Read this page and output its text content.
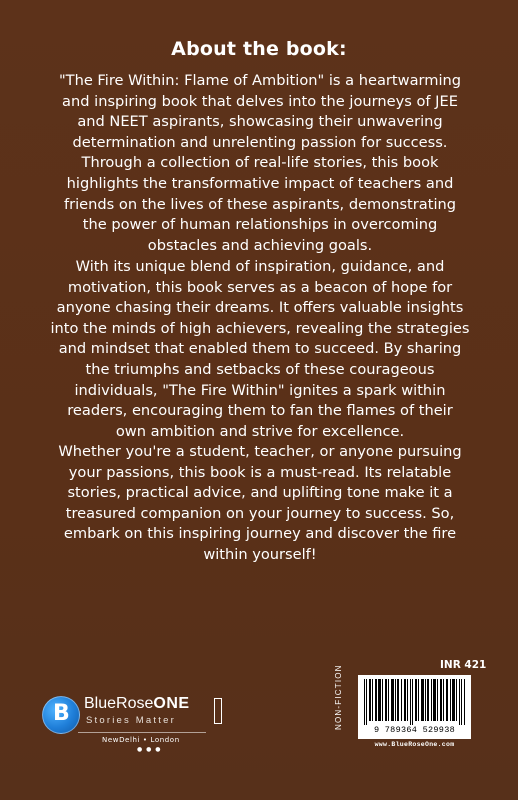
About the book:

"The Fire Within: Flame of Ambition" is a heartwarming and inspiring book that delves into the journeys of JEE and NEET aspirants, showcasing their unwavering determination and unrelenting passion for success. Through a collection of real-life stories, this book highlights the transformative impact of teachers and friends on the lives of these aspirants, demonstrating the power of human relationships in overcoming obstacles and achieving goals.

With its unique blend of inspiration, guidance, and motivation, this book serves as a beacon of hope for anyone chasing their dreams. It offers valuable insights into the minds of high achievers, revealing the strategies and mindset that enabled them to succeed. By sharing the triumphs and setbacks of these courageous individuals, "The Fire Within" ignites a spark within readers, encouraging them to fan the flames of their own ambition and strive for excellence.

Whether you're a student, teacher, or anyone pursuing your passions, this book is a must-read. Its relatable stories, practical advice, and uplifting tone make it a treasured companion on your journey to success. So, embark on this inspiring journey and discover the fire within yourself!

B BlueRoseONE
Stories Matter
NewDelhi • London
● ● ●
INR 421
NON-FICTION	9 789364 529938
www.BlueRoseOne.com
